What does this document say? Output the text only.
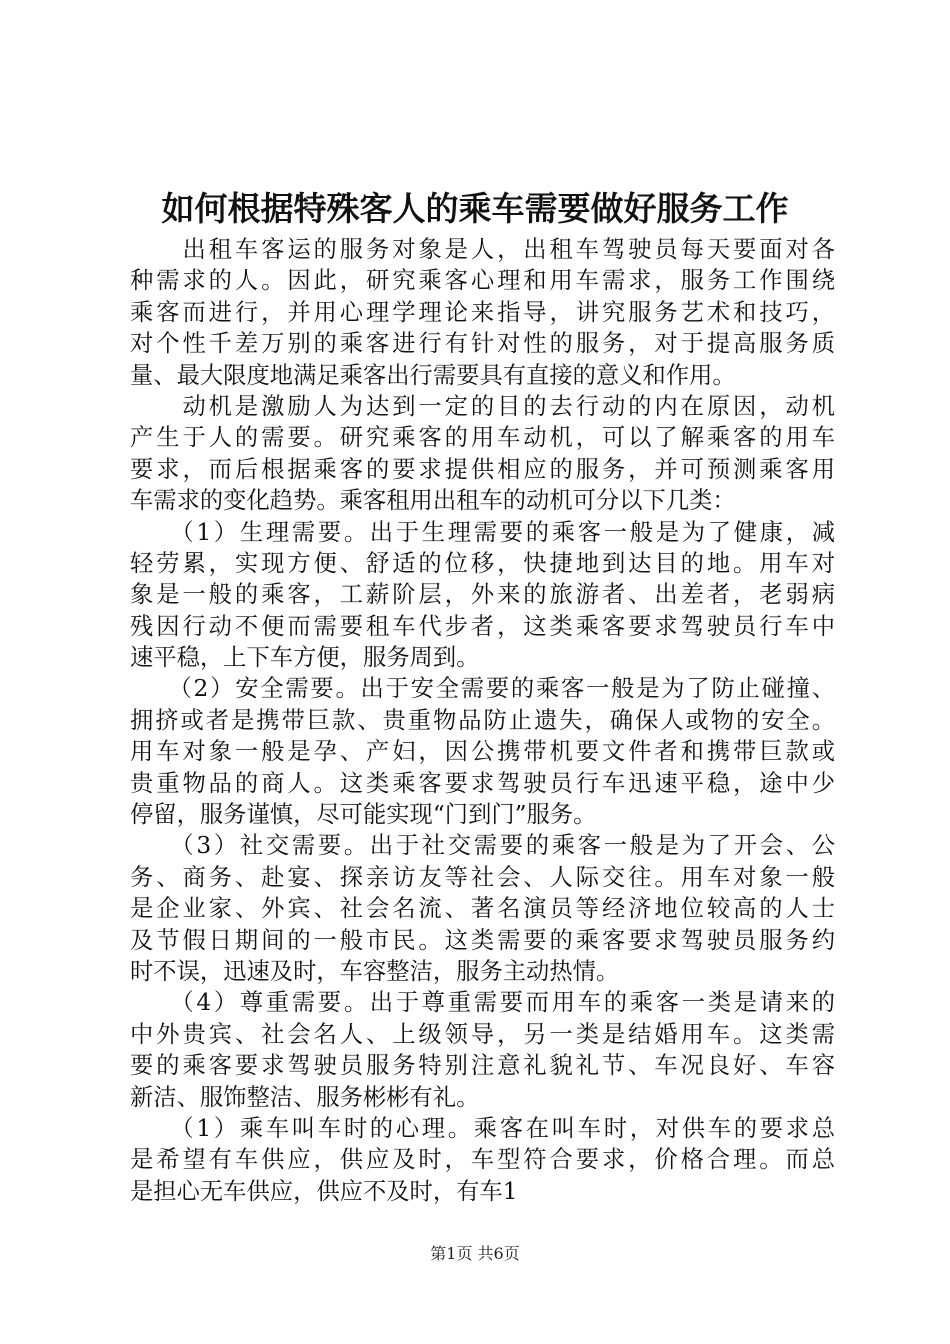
如何根据特殊客人的乘车需要做好服务工作
　　出租车客运的服务对象是人，出租车驾驶员每天要面对各
种需求的人。因此，研究乘客心理和用车需求，服务工作围绕
乘客而进行，并用心理学理论来指导，讲究服务艺术和技巧，
对个性千差万别的乘客进行有针对性的服务，对于提高服务质
量、最大限度地满足乘客出行需要具有直接的意义和作用。
　　动机是激励人为达到一定的目的去行动的内在原因，动机
产生于人的需要。研究乘客的用车动机，可以了解乘客的用车
要求，而后根据乘客的要求提供相应的服务，并可预测乘客用
车需求的变化趋势。乘客租用出租车的动机可分以下几类：
　　（1）生理需要。出于生理需要的乘客一般是为了健康，减
轻劳累，实现方便、舒适的位移，快捷地到达目的地。用车对
象是一般的乘客，工薪阶层，外来的旅游者、出差者，老弱病
残因行动不便而需要租车代步者，这类乘客要求驾驶员行车中
速平稳，上下车方便，服务周到。
　　（2）安全需要。出于安全需要的乘客一般是为了防止碰撞、
拥挤或者是携带巨款、贵重物品防止遗失，确保人或物的安全。
用车对象一般是孕、产妇，因公携带机要文件者和携带巨款或
贵重物品的商人。这类乘客要求驾驶员行车迅速平稳，途中少
停留，服务谨慎，尽可能实现“门到门”服务。
　　（3）社交需要。出于社交需要的乘客一般是为了开会、公
务、商务、赴宴、探亲访友等社会、人际交往。用车对象一般
是企业家、外宾、社会名流、著名演员等经济地位较高的人士
及节假日期间的一般市民。这类需要的乘客要求驾驶员服务约
时不误，迅速及时，车容整洁，服务主动热情。
　　（4）尊重需要。出于尊重需要而用车的乘客一类是请来的
中外贵宾、社会名人、上级领导，另一类是结婚用车。这类需
要的乘客要求驾驶员服务特别注意礼貌礼节、车况良好、车容
新洁、服饰整洁、服务彬彬有礼。
　　（1）乘车叫车时的心理。乘客在叫车时，对供车的要求总
是希望有车供应，供应及时，车型符合要求，价格合理。而总
是担心无车供应，供应不及时，有车1
第1页 共6页
